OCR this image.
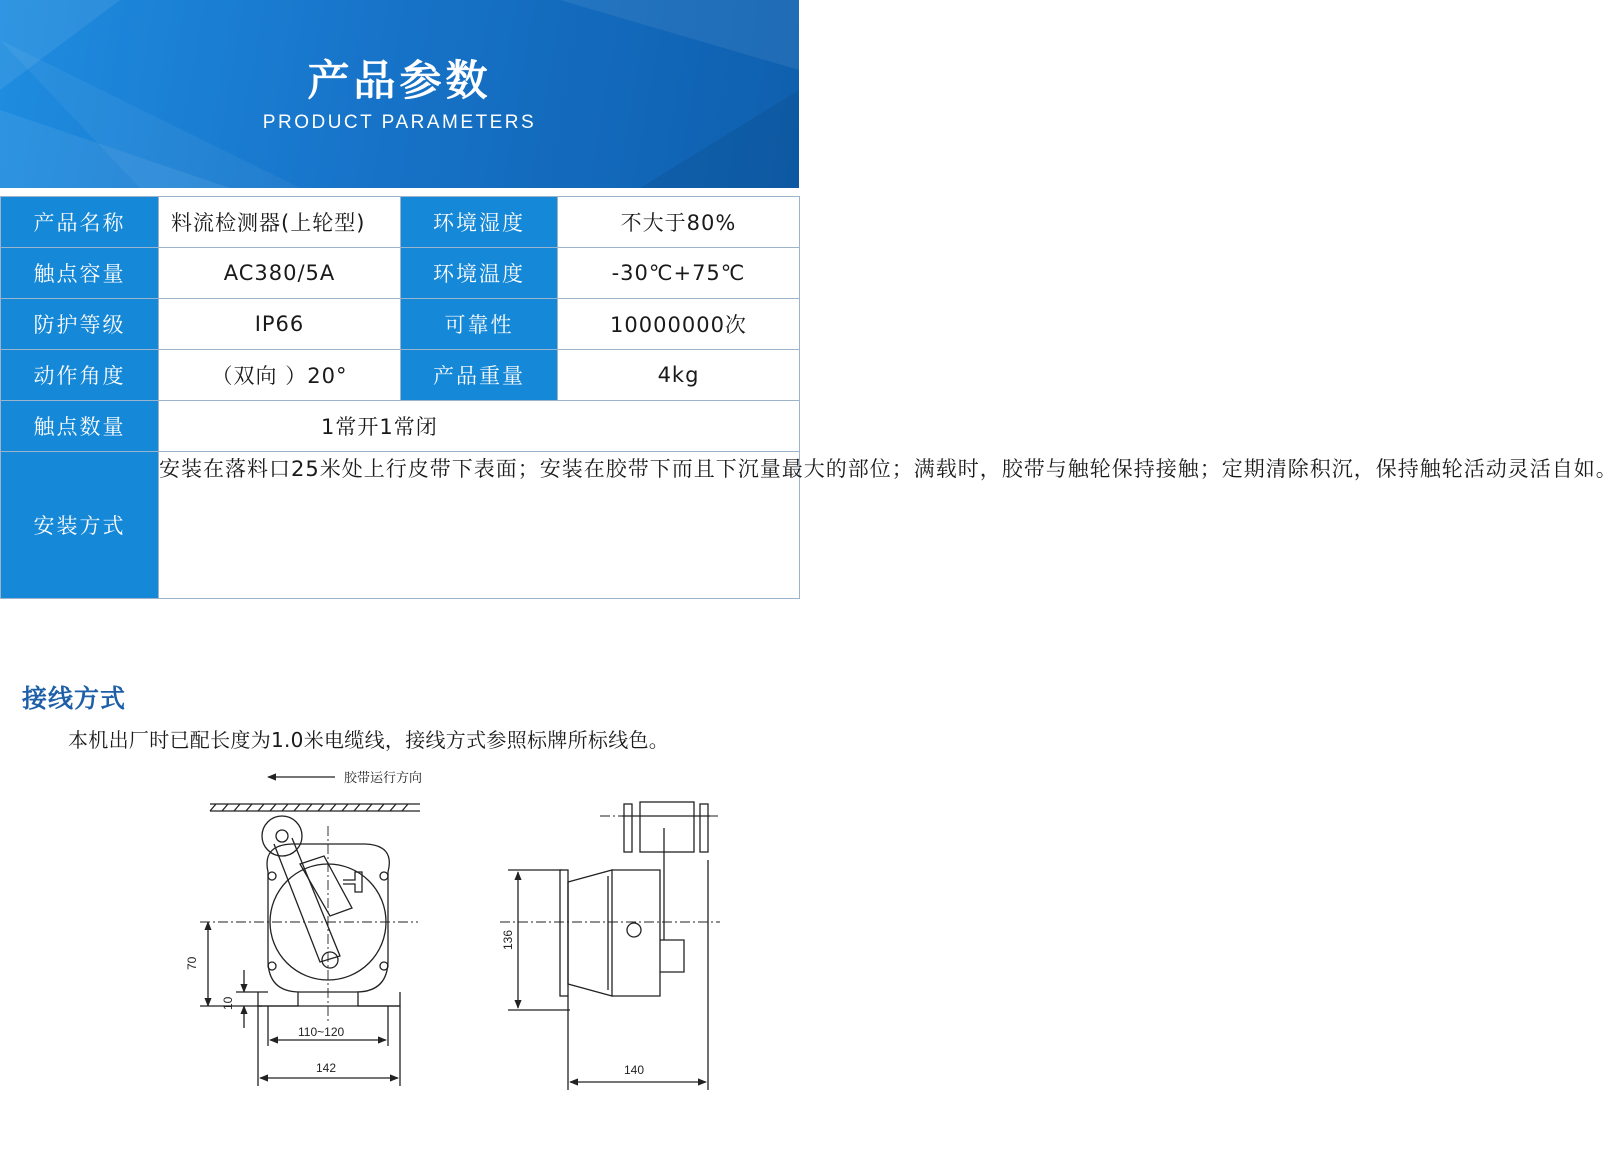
产品参数
PRODUCT PARAMETERS
产品名称	料流检测器(上轮型)	环境湿度	不大于80%
触点容量	AC380/5A	环境温度	-30℃+75℃
防护等级	IP66	可靠性	10000000次
动作角度	（双向 ）20°	产品重量	4kg
触点数量	1常开1常闭		
安装方式	安装在落料口25米处上行皮带下表面；安装在胶带下而且下沉量最大的部位；满载时，胶带与触轮保持接触；定期清除积沉，保持触轮活动灵活自如。		
接线方式
本机出厂时已配长度为1.0米电缆线，接线方式参照标牌所标线色。
胶带运行方向
70
10
110~120
142
136
140
